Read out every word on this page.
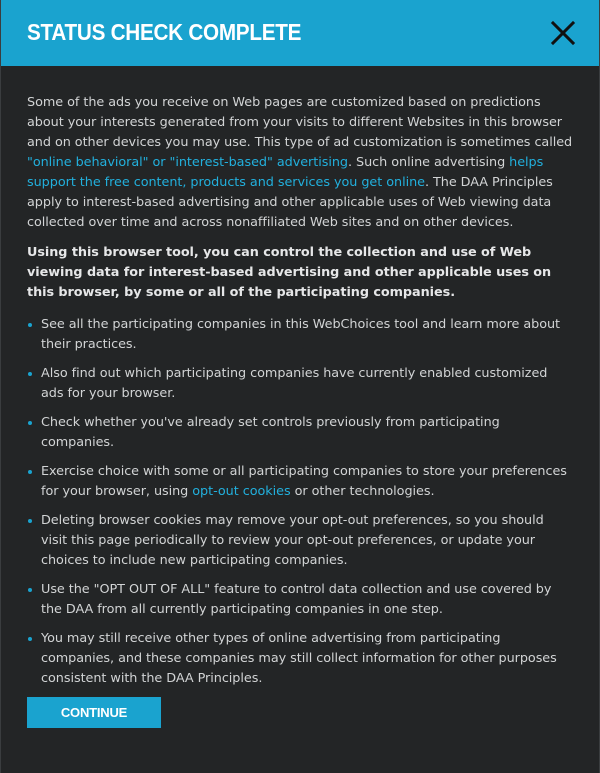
STATUS CHECK COMPLETE

Some of the ads you receive on Web pages are customized based on predictions about your interests generated from your visits to different Websites in this browser and on other devices you may use. This type of ad customization is sometimes called "online behavioral" or "interest-based" advertising. Such online advertising helps support the free content, products and services you get online. The DAA Principles apply to interest-based advertising and other applicable uses of Web viewing data collected over time and across nonaffiliated Web sites and on other devices.

Using this browser tool, you can control the collection and use of Web viewing data for interest-based advertising and other applicable uses on this browser, by some or all of the participating companies.

See all the participating companies in this WebChoices tool and learn more about their practices.
Also find out which participating companies have currently enabled customized ads for your browser.
Check whether you've already set controls previously from participating companies.
Exercise choice with some or all participating companies to store your preferences for your browser, using opt-out cookies or other technologies.
Deleting browser cookies may remove your opt-out preferences, so you should visit this page periodically to review your opt-out preferences, or update your choices to include new participating companies.
Use the "OPT OUT OF ALL" feature to control data collection and use covered by the DAA from all currently participating companies in one step.
You may still receive other types of online advertising from participating companies, and these companies may still collect information for other purposes consistent with the DAA Principles.
CONTINUE
